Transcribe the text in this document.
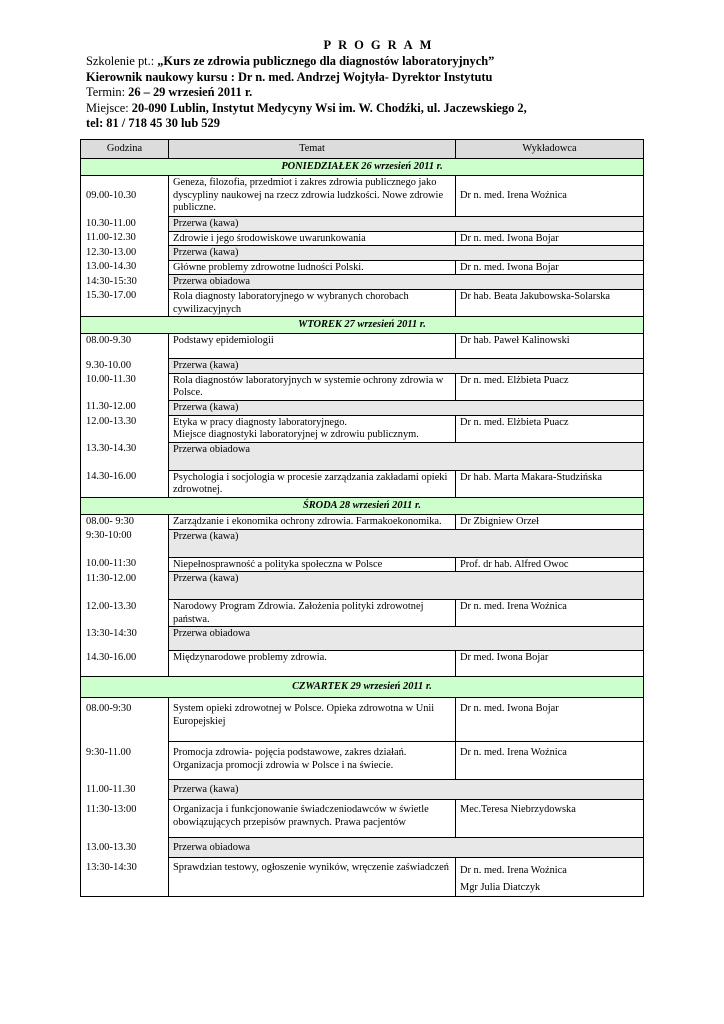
PROGRAM
Szkolenie pt.: „Kurs ze zdrowia publicznego dla diagnostów laboratoryjnych”
Kierownik naukowy kursu : Dr n. med. Andrzej Wojtyła- Dyrektor Instytutu
Termin: 26 – 29 wrzesień 2011 r.
Miejsce: 20-090 Lublin, Instytut Medycyny Wsi im. W. Chodźki, ul. Jaczewskiego 2,
tel: 81 / 718 45 30 lub 529
Godzina	Temat	Wykładowca
PONIEDZIAŁEK 26 wrzesień 2011 r.		
09.00-10.30	Geneza, filozofia, przedmiot i zakres zdrowia publicznego jako dyscypliny naukowej na rzecz zdrowia ludzkości. Nowe zdrowie publiczne.	Dr n. med. Irena Woźnica
10.30-11.00	Przerwa (kawa)	
11.00-12.30	Zdrowie i jego środowiskowe uwarunkowania	Dr n. med. Iwona Bojar
12.30-13.00	Przerwa (kawa)	
13.00-14.30	Główne problemy zdrowotne ludności Polski.	Dr n. med. Iwona Bojar
14:30-15:30	Przerwa obiadowa	
15.30-17.00	Rola diagnosty laboratoryjnego w wybranych chorobach cywilizacyjnych	Dr hab. Beata Jakubowska-Solarska
WTOREK 27 wrzesień 2011 r.		
08.00-9.30	Podstawy epidemiologii	Dr hab. Paweł Kalinowski
9.30-10.00	Przerwa (kawa)	
10.00-11.30	Rola diagnostów laboratoryjnych w systemie ochrony zdrowia w Polsce.	Dr n. med. Elżbieta Puacz
11.30-12.00	Przerwa (kawa)	
12.00-13.30	Etyka w pracy diagnosty laboratoryjnego.
Miejsce diagnostyki laboratoryjnej w zdrowiu publicznym.	Dr n. med. Elżbieta Puacz
13.30-14.30	Przerwa obiadowa	
14.30-16.00	Psychologia i socjologia w procesie zarządzania zakładami opieki zdrowotnej.	Dr hab. Marta Makara-Studzińska
ŚRODA 28 wrzesień 2011 r.		
08.00- 9:30	Zarządzanie i ekonomika ochrony zdrowia. Farmakoekonomika.	Dr Zbigniew Orzeł
9:30-10:00	Przerwa (kawa)	
10.00-11:30	Niepełnosprawność a polityka społeczna w Polsce	Prof. dr hab. Alfred Owoc
11:30-12.00	Przerwa (kawa)	
12.00-13.30	Narodowy Program Zdrowia. Założenia polityki zdrowotnej państwa.	Dr n. med. Irena Woźnica
13:30-14:30	Przerwa obiadowa	
14.30-16.00	Międzynarodowe problemy zdrowia.	Dr med. Iwona Bojar
CZWARTEK 29 wrzesień 2011 r.		
08.00-9:30	System opieki zdrowotnej w Polsce. Opieka zdrowotna w Unii Europejskiej	Dr n. med. Iwona Bojar
9:30-11.00	Promocja zdrowia- pojęcia podstawowe, zakres działań.
Organizacja promocji zdrowia w Polsce i na świecie.	Dr n. med. Irena Woźnica
11.00-11.30	Przerwa (kawa)	
11:30-13:00	Organizacja i funkcjonowanie świadczeniodawców w świetle obowiązujących przepisów prawnych. Prawa pacjentów	Mec.Teresa Niebrzydowska
13.00-13.30	Przerwa obiadowa	
13:30-14:30	Sprawdzian testowy, ogłoszenie wyników, wręczenie zaświadczeń	Dr n. med. Irena Woźnica
Mgr Julia Diatczyk
